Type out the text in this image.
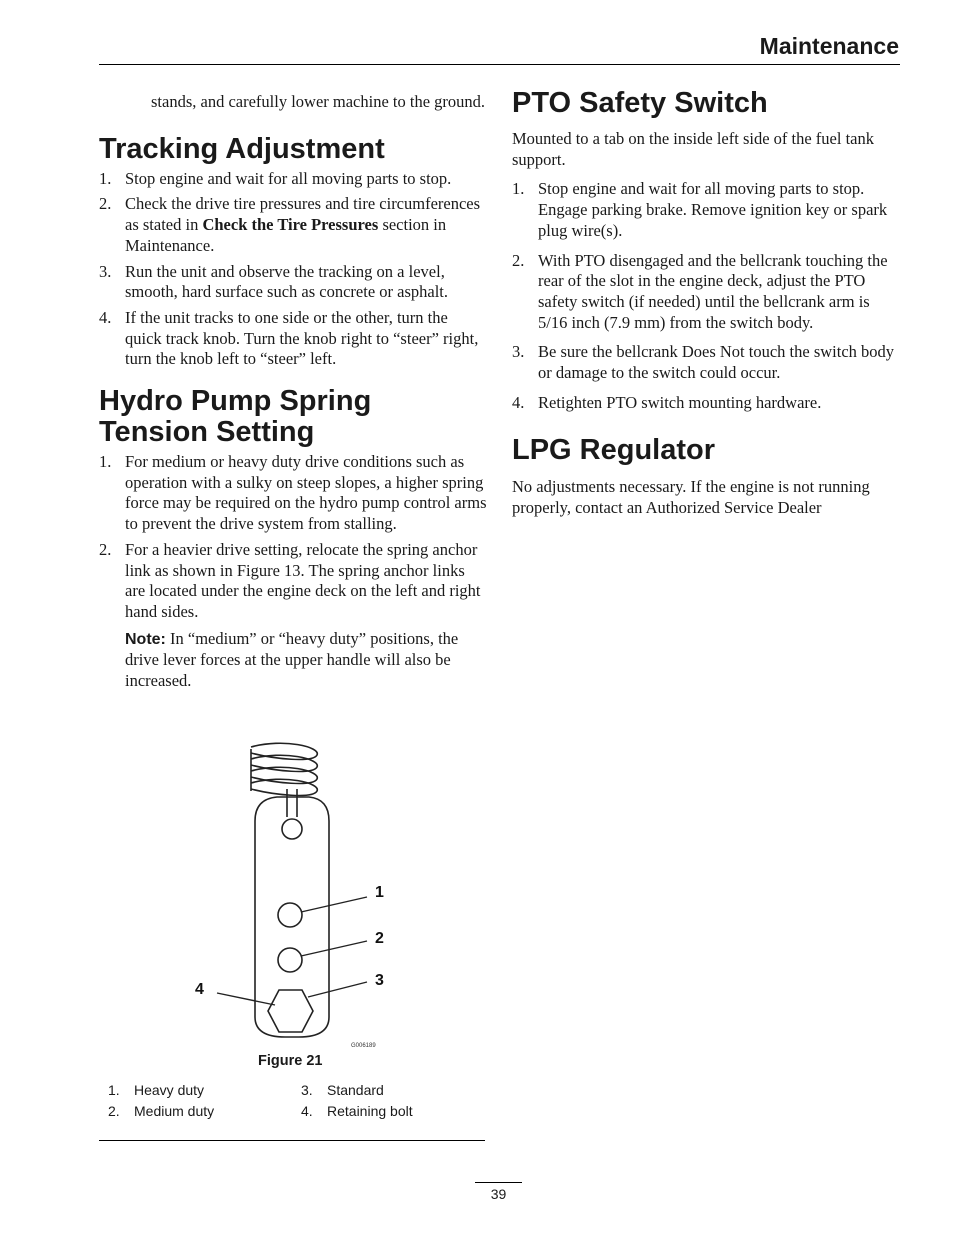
Maintenance

stands, and carefully lower machine to the ground.

Tracking Adjustment
1. Stop engine and wait for all moving parts to stop.
2. Check the drive tire pressures and tire circumferences as stated in Check the Tire Pressures section in Maintenance.
3. Run the unit and observe the tracking on a level, smooth, hard surface such as concrete or asphalt.
4. If the unit tracks to one side or the other, turn the quick track knob. Turn the knob right to “steer” right, turn the knob left to “steer” left.
Hydro Pump Spring Tension Setting
1. For medium or heavy duty drive conditions such as operation with a sulky on steep slopes, a higher spring force may be required on the hydro pump control arms to prevent the drive system from stalling.
2. For a heavier drive setting, relocate the spring anchor link as shown in Figure 13. The spring anchor links are located under the engine deck on the left and right hand sides.
Note: In “medium” or “heavy duty” positions, the drive lever forces at the upper handle will also be increased.
1
2
3
4
G006189
Figure 21
1. Heavy duty
2. Medium duty
3. Standard
4. Retaining bolt
PTO Safety Switch

Mounted to a tab on the inside left side of the fuel tank support.

1. Stop engine and wait for all moving parts to stop. Engage parking brake. Remove ignition key or spark plug wire(s).
2. With PTO disengaged and the bellcrank touching the rear of the slot in the engine deck, adjust the PTO safety switch (if needed) until the bellcrank arm is 5/16 inch (7.9 mm) from the switch body.
3. Be sure the bellcrank Does Not touch the switch body or damage to the switch could occur.
4. Retighten PTO switch mounting hardware.
LPG Regulator

No adjustments necessary. If the engine is not running properly, contact an Authorized Service Dealer

39
